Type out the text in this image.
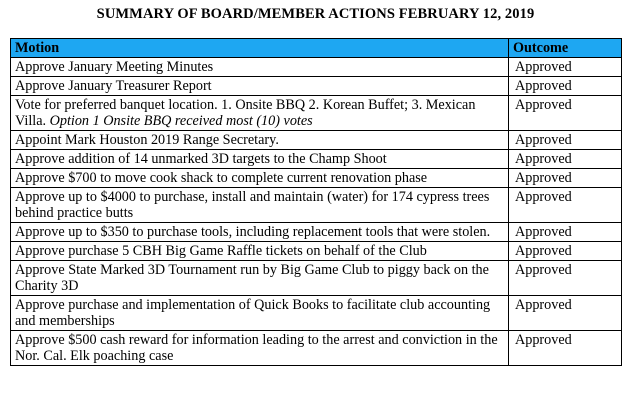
SUMMARY OF BOARD/MEMBER ACTIONS FEBRUARY 12, 2019
Motion	Outcome
Approve January Meeting Minutes	Approved
Approve January Treasurer Report	Approved
Vote for preferred banquet location. 1. Onsite BBQ 2. Korean Buffet; 3. Mexican Villa. Option 1 Onsite BBQ received most (10) votes	Approved
Appoint Mark Houston 2019 Range Secretary.	Approved
Approve addition of 14 unmarked 3D targets to the Champ Shoot	Approved
Approve $700 to move cook shack to complete current renovation phase	Approved
Approve up to $4000 to purchase, install and maintain (water) for 174 cypress trees behind practice butts	Approved
Approve up to $350 to purchase tools, including replacement tools that were stolen.	Approved
Approve purchase 5 CBH Big Game Raffle tickets on behalf of the Club	Approved
Approve State Marked 3D Tournament run by Big Game Club to piggy back on the Charity 3D	Approved
Approve purchase and implementation of Quick Books to facilitate club accounting and memberships	Approved
Approve $500 cash reward for information leading to the arrest and conviction in the Nor. Cal. Elk poaching case	Approved
